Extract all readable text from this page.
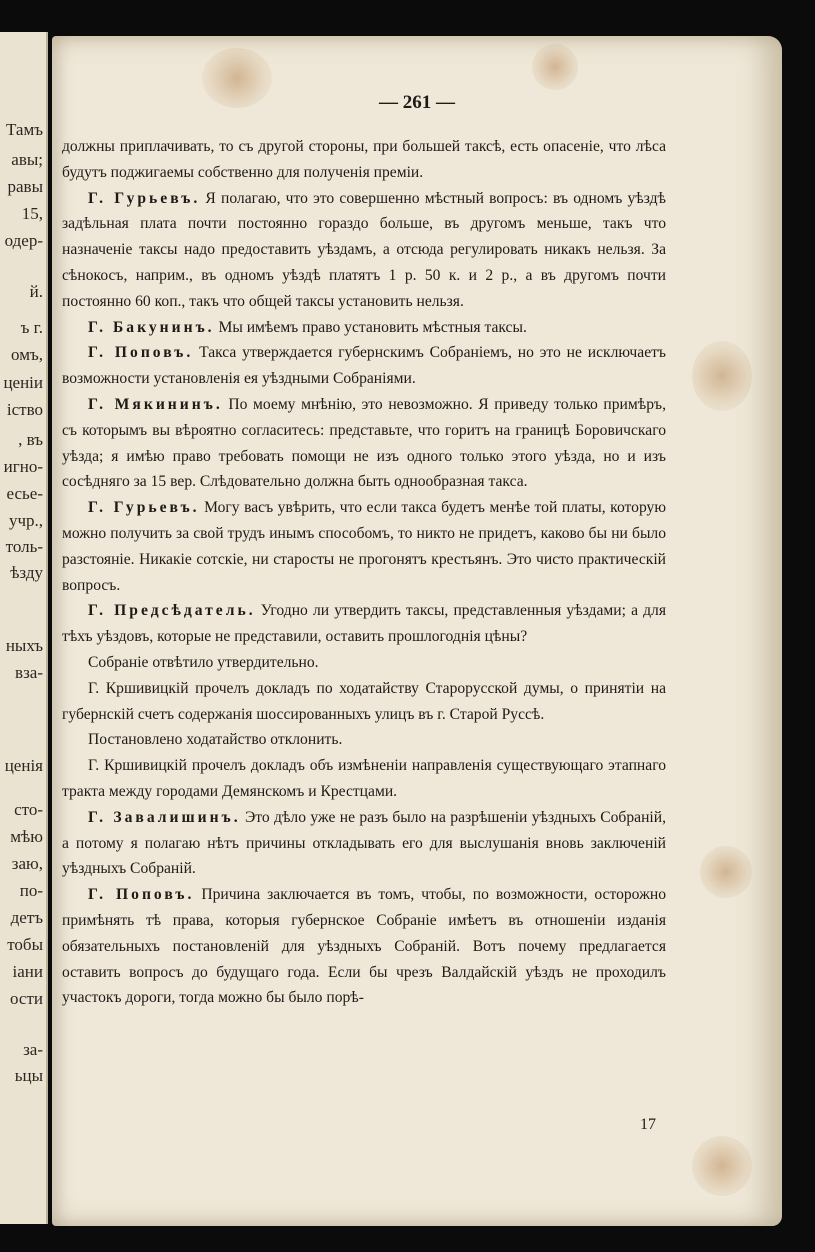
Тамъ
авы;
равы
15,
одер-
й.
ъ г.
омъ,
ценіи
іство
, въ
игно-
есье-
учр.,
толь-
ѣзду
ныхъ
вза-
ценія
сто-
мѣю
заю,
по-
детъ
тобы
іани
ости
за-
ьцы
— 261 —

должны приплачивать, то съ другой стороны, при большей таксѣ, есть опасеніе, что лѣса будутъ поджигаемы собственно для полученія преміи.

Г. Гурьевъ. Я полагаю, что это совершенно мѣстный вопросъ: въ одномъ уѣздѣ задѣльная плата почти постоянно гораздо больше, въ другомъ меньше, такъ что назначеніе таксы надо предоставить уѣздамъ, а отсюда регулировать никакъ нельзя. За сѣнокосъ, наприм., въ одномъ уѣздѣ платятъ 1 р. 50 к. и 2 р., а въ другомъ почти постоянно 60 коп., такъ что общей таксы установить нельзя.

Г. Бакунинъ. Мы имѣемъ право установить мѣстныя таксы.

Г. Поповъ. Такса утверждается губернскимъ Собраніемъ, но это не исключаетъ возможности установленія ея уѣздными Собраніями.

Г. Мякининъ. По моему мнѣнію, это невозможно. Я приведу только примѣръ, съ которымъ вы вѣроятно согласитесь: представьте, что горитъ на границѣ Боровичскаго уѣзда; я имѣю право требовать помощи не изъ одного только этого уѣзда, но и изъ сосѣдняго за 15 вер. Слѣдовательно должна быть однообразная такса.

Г. Гурьевъ. Могу васъ увѣрить, что если такса будетъ менѣе той платы, которую можно получить за свой трудъ инымъ способомъ, то никто не придетъ, каково бы ни было разстояніе. Никакіе сотскіе, ни старосты не прогонятъ крестьянъ. Это чисто практическій вопросъ.

Г. Предсѣдатель. Угодно ли утвердить таксы, представленныя уѣздами; а для тѣхъ уѣздовъ, которые не представили, оставить прошлогоднія цѣны?

Собраніе отвѣтило утвердительно.

Г. Кршивицкій прочелъ докладъ по ходатайству Старорусской думы, о принятіи на губернскій счетъ содержанія шоссированныхъ улицъ въ г. Старой Руссѣ.

Постановлено ходатайство отклонить.

Г. Кршивицкій прочелъ докладъ объ измѣненіи направленія существующаго этапнаго тракта между городами Демянскомъ и Крестцами.

Г. Завалишинъ. Это дѣло уже не разъ было на разрѣшеніи уѣздныхъ Собраній, а потому я полагаю нѣтъ причины откладывать его для выслушанія вновь заключеній уѣздныхъ Собраній.

Г. Поповъ. Причина заключается въ томъ, чтобы, по возможности, осторожно примѣнять тѣ права, которыя губернское Собраніе имѣетъ въ отношеніи изданія обязательныхъ постановленій для уѣздныхъ Собраній. Вотъ почему предлагается оставить вопросъ до будущаго года. Если бы чрезъ Валдайскій уѣздъ не проходилъ участокъ дороги, тогда можно бы было порѣ-

17
